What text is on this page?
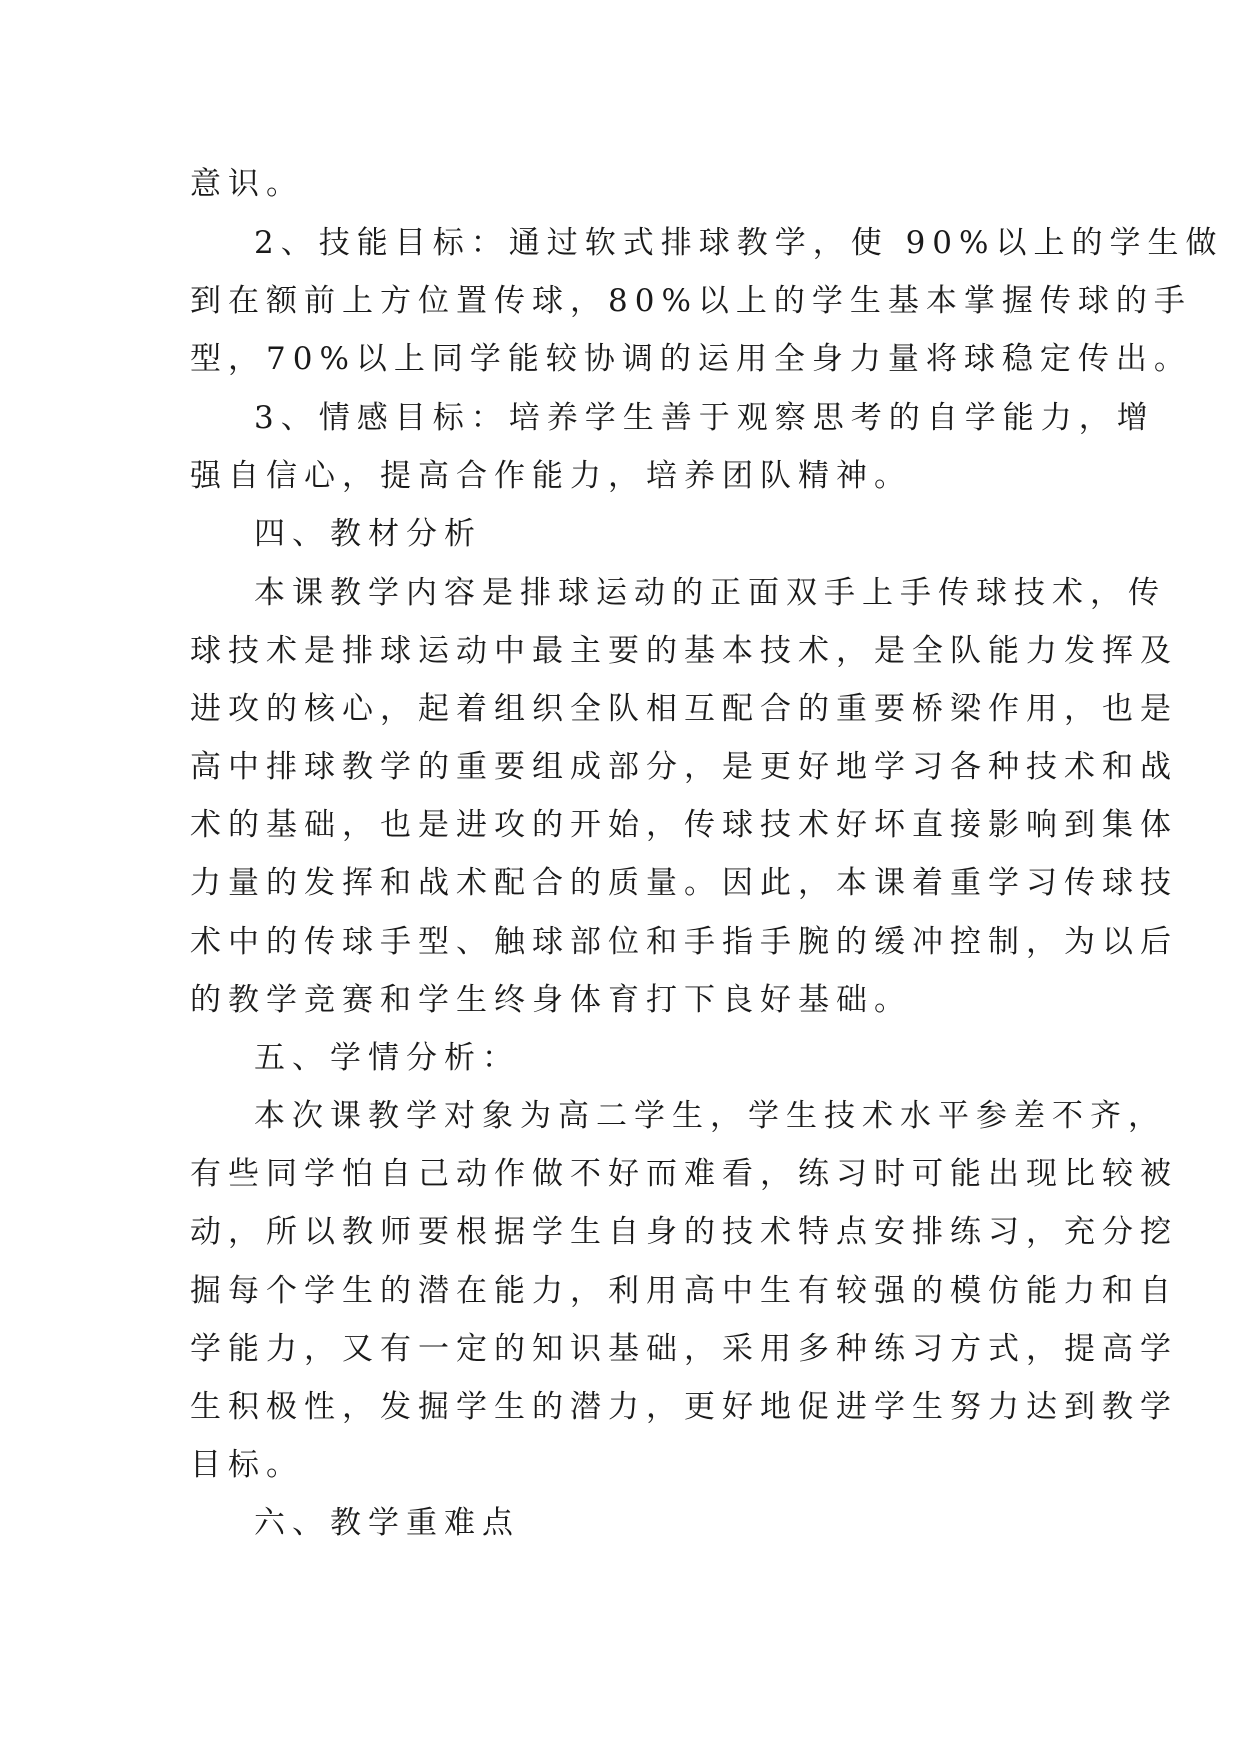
意识。
2、技能目标：通过软式排球教学，使 90%以上的学生做
到在额前上方位置传球，80%以上的学生基本掌握传球的手
型，70%以上同学能较协调的运用全身力量将球稳定传出。
3、情感目标：培养学生善于观察思考的自学能力，增
强自信心，提高合作能力，培养团队精神。
四、教材分析
本课教学内容是排球运动的正面双手上手传球技术，传
球技术是排球运动中最主要的基本技术，是全队能力发挥及
进攻的核心，起着组织全队相互配合的重要桥梁作用，也是
高中排球教学的重要组成部分，是更好地学习各种技术和战
术的基础，也是进攻的开始，传球技术好坏直接影响到集体
力量的发挥和战术配合的质量。因此，本课着重学习传球技
术中的传球手型、触球部位和手指手腕的缓冲控制，为以后
的教学竞赛和学生终身体育打下良好基础。
五、学情分析：
本次课教学对象为高二学生，学生技术水平参差不齐，
有些同学怕自己动作做不好而难看，练习时可能出现比较被
动，所以教师要根据学生自身的技术特点安排练习，充分挖
掘每个学生的潜在能力，利用高中生有较强的模仿能力和自
学能力，又有一定的知识基础，采用多种练习方式，提高学
生积极性，发掘学生的潜力，更好地促进学生努力达到教学
目标。
六、教学重难点
